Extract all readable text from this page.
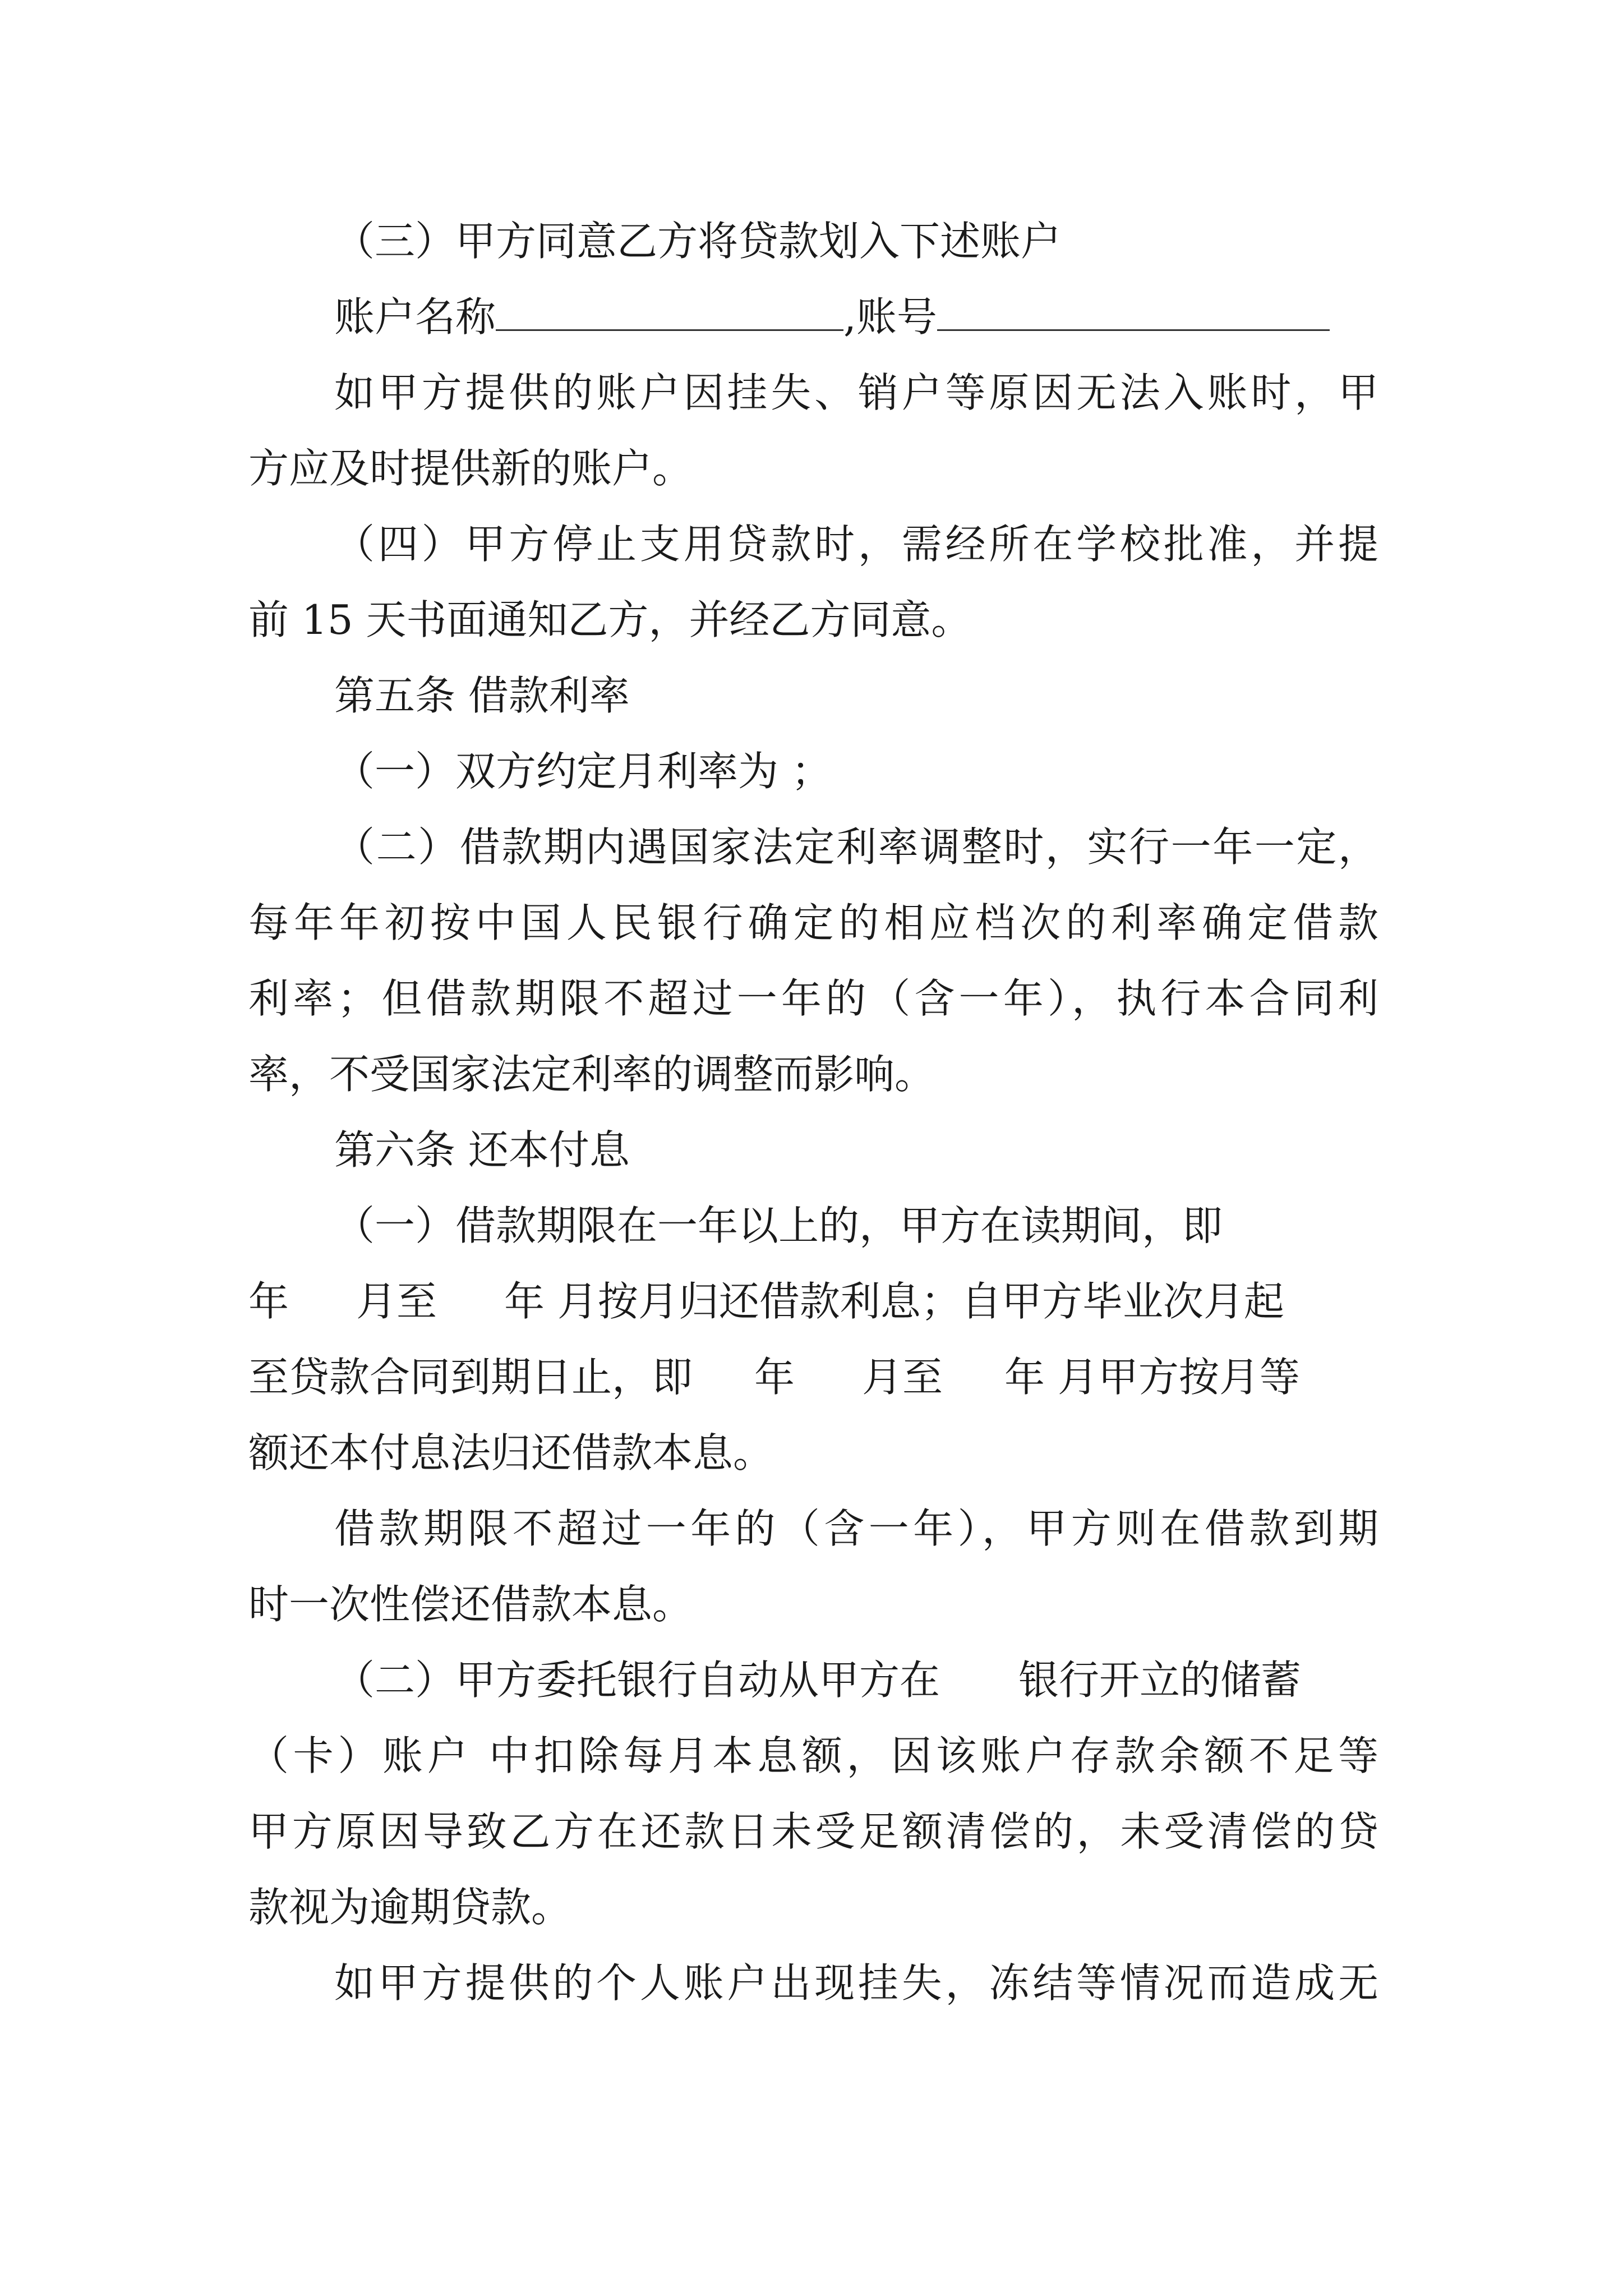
（三）甲方同意乙方将贷款划入下述账户
账户名称	,账号
如甲方提供的账户因挂失、销户等原因无法入账时，甲
方应及时提供新的账户。
（四）甲方停止支用贷款时，需经所在学校批准，并提
前 15 天书面通知乙方，并经乙方同意。
第五条 借款利率
（一）双方约定月利率为 ；
（二）借款期内遇国家法定利率调整时，实行一年一定，
每年年初按中国人民银行确定的相应档次的利率确定借款
利率；但借款期限不超过一年的（含一年），执行本合同利
率，不受国家法定利率的调整而影响。
第六条 还本付息
（一）借款期限在一年以上的，甲方在读期间，即
年 月至 年 月按月归还借款利息；自甲方毕业次月起
至贷款合同到期日止，即 年 月至 年 月甲方按月等
额还本付息法归还借款本息。
借款期限不超过一年的（含一年），甲方则在借款到期
时一次性偿还借款本息。
（二）甲方委托银行自动从甲方在 银行开立的储蓄
（卡）账户 中扣除每月本息额，因该账户存款余额不足等
甲方原因导致乙方在还款日未受足额清偿的，未受清偿的贷
款视为逾期贷款。
如甲方提供的个人账户出现挂失，冻结等情况而造成无
